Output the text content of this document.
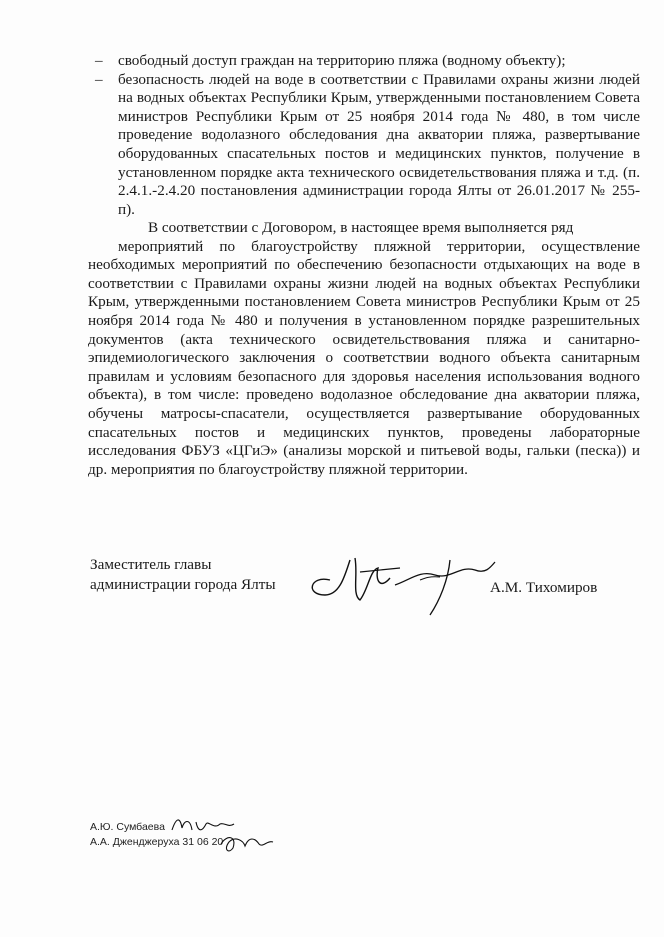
– свободный доступ граждан на территорию пляжа (водному объекту);
– безопасность людей на воде в соответствии с Правилами охраны жизни людей на водных объектах Республики Крым, утвержденными постановлением Совета министров Республики Крым от 25 ноября 2014 года № 480, в том числе проведение водолазного обследования дна акватории пляжа, развертывание оборудованных спасательных постов и медицинских пунктов, получение в установленном порядке акта технического освидетельствования пляжа и т.д. (п. 2.4.1.-2.4.20 постановления администрации города Ялты от 26.01.2017 № 255-п).

В соответствии с Договором, в настоящее время выполняется ряд
мероприятий по благоустройству пляжной территории, осуществление необходимых мероприятий по обеспечению безопасности отдыхающих на воде в соответствии с Правилами охраны жизни людей на водных объектах Республики Крым, утвержденными постановлением Совета министров Республики Крым от 25 ноября 2014 года № 480 и получения в установленном порядке разрешительных документов (акта технического освидетельствования пляжа и санитарно-эпидемиологического заключения о соответствии водного объекта санитарным правилам и условиям безопасного для здоровья населения использования водного объекта), в том числе: проведено водолазное обследование дна акватории пляжа, обучены матросы-спасатели, осуществляется развертывание оборудованных спасательных постов и медицинских пунктов, проведены лабораторные исследования ФБУЗ «ЦГиЭ» (анализы морской и питьевой воды, гальки (песка)) и др. мероприятия по благоустройству пляжной территории.

Заместитель главы
администрации города Ялты	А.М. Тихомиров
А.Ю. Сумбаева
А.А. Дженджеруха 31 06 20
